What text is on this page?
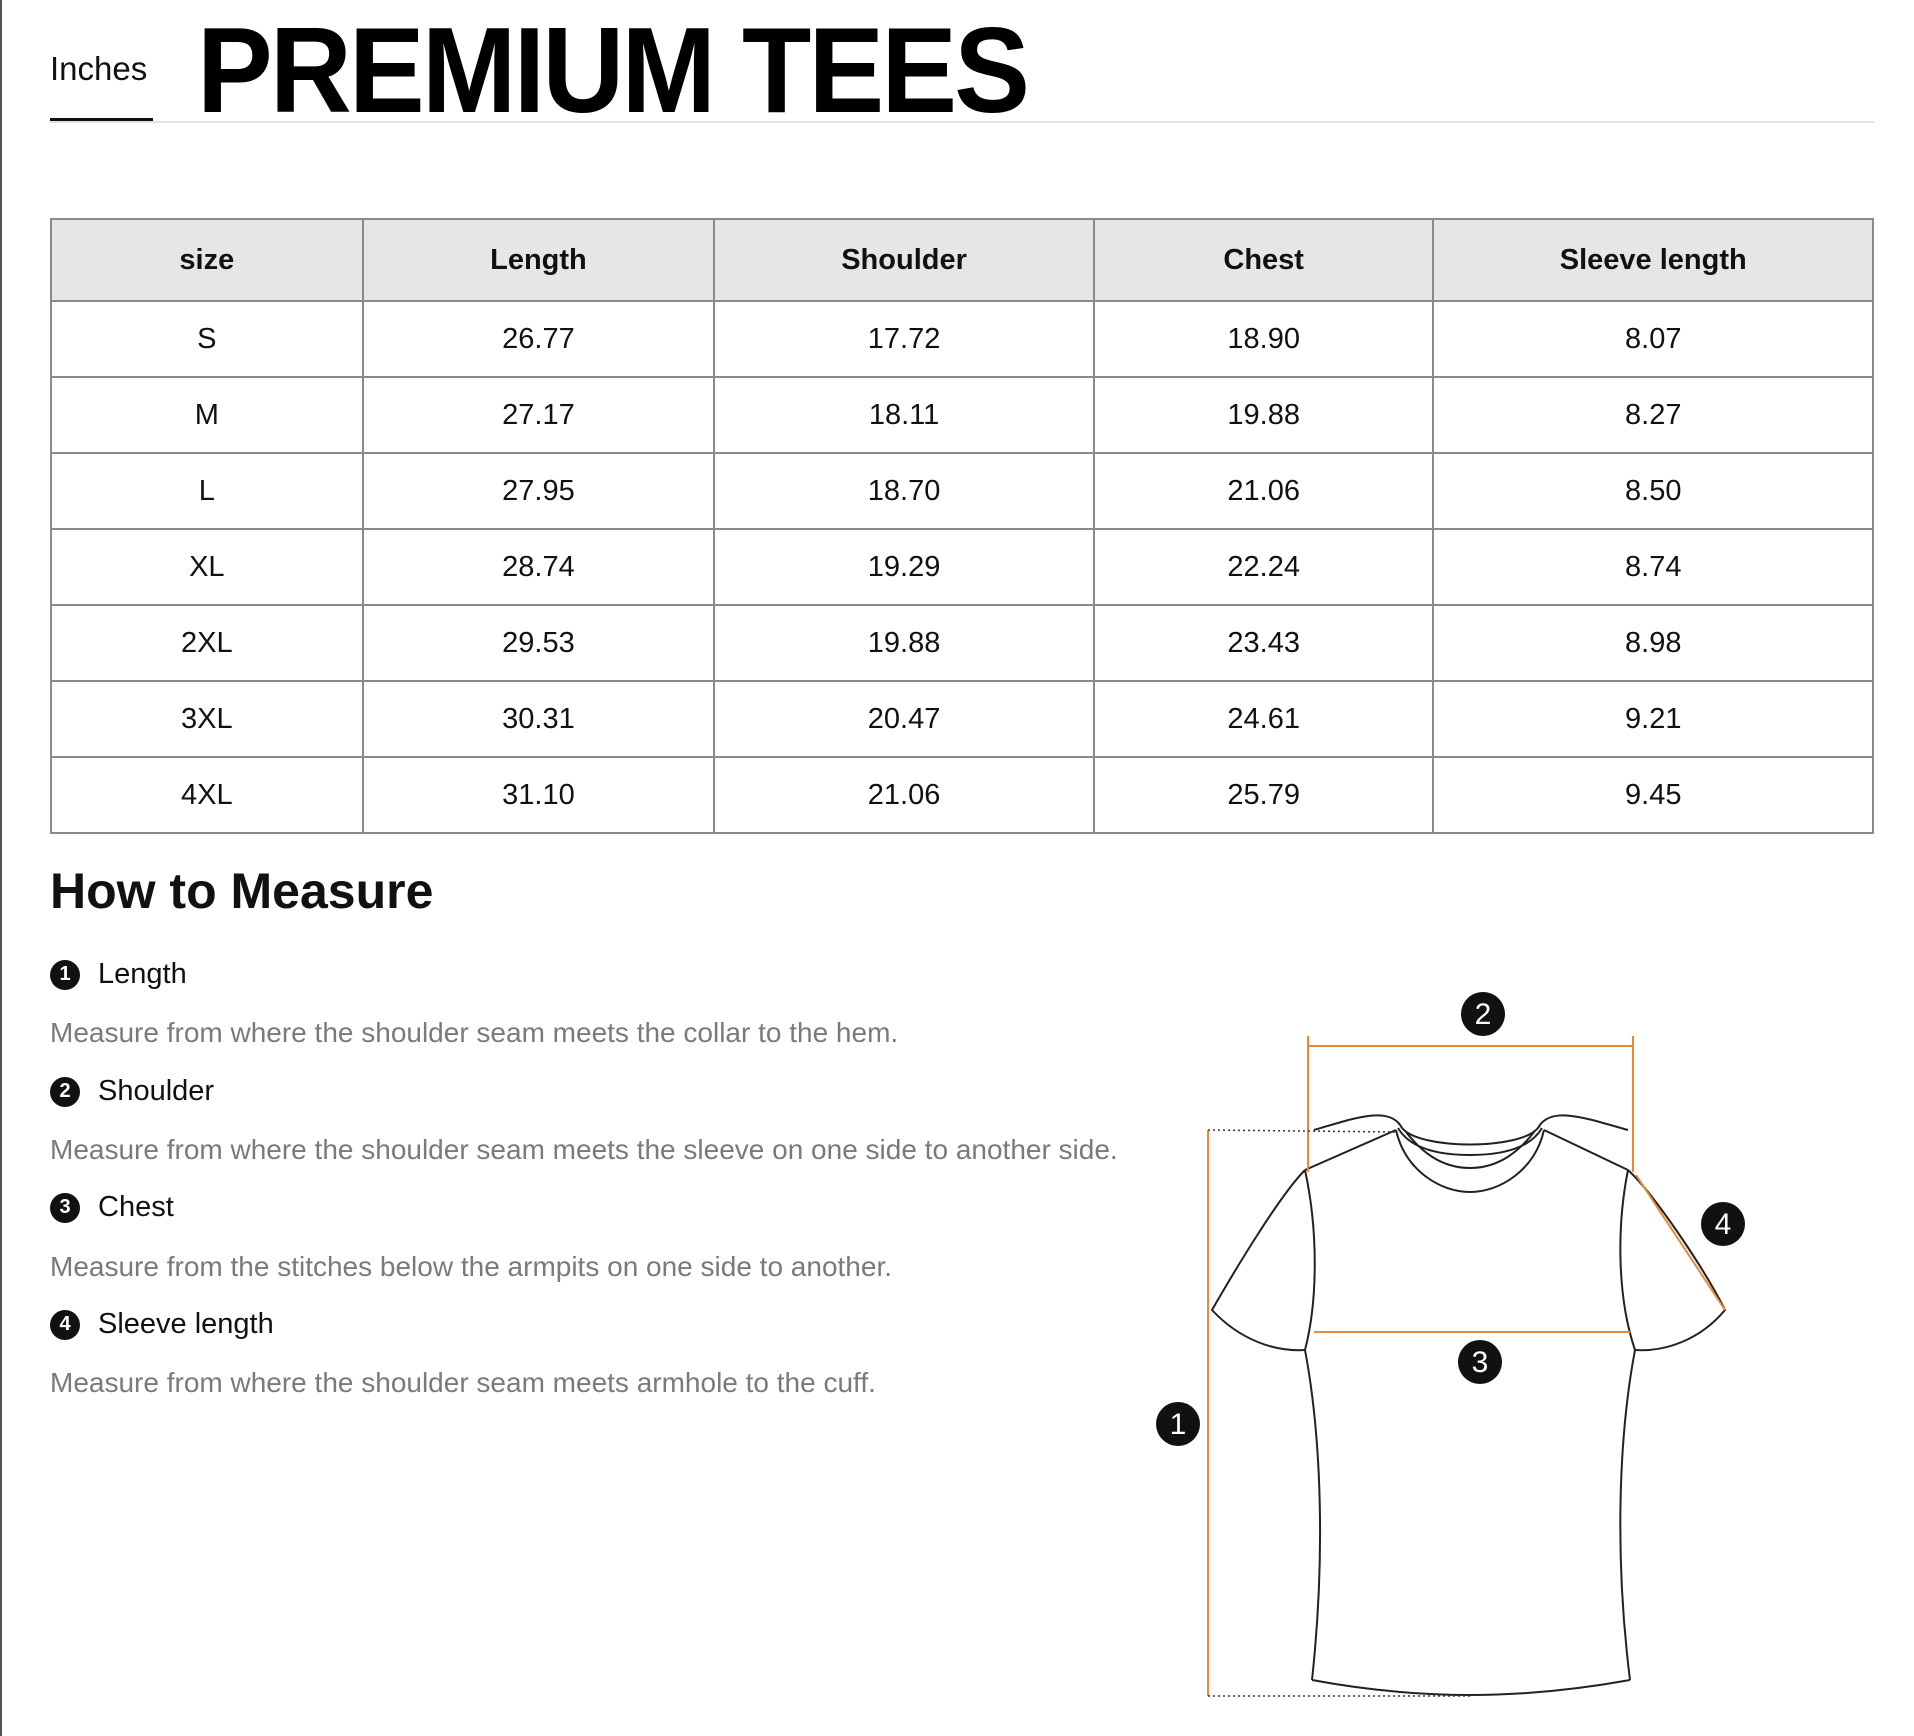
Inches PREMIUM TEES
size	Length	Shoulder	Chest	Sleeve length
S	26.77	17.72	18.90	8.07
M	27.17	18.11	19.88	8.27
L	27.95	18.70	21.06	8.50
XL	28.74	19.29	22.24	8.74
2XL	29.53	19.88	23.43	8.98
3XL	30.31	20.47	24.61	9.21
4XL	31.10	21.06	25.79	9.45
How to Measure
1 Length
Measure from where the shoulder seam meets the collar to the hem.
2 Shoulder
Measure from where the shoulder seam meets the sleeve on one side to another side.
3 Chest
Measure from the stitches below the armpits on one side to another.
4 Sleeve length
Measure from where the shoulder seam meets armhole to the cuff.
2
4
3
1
